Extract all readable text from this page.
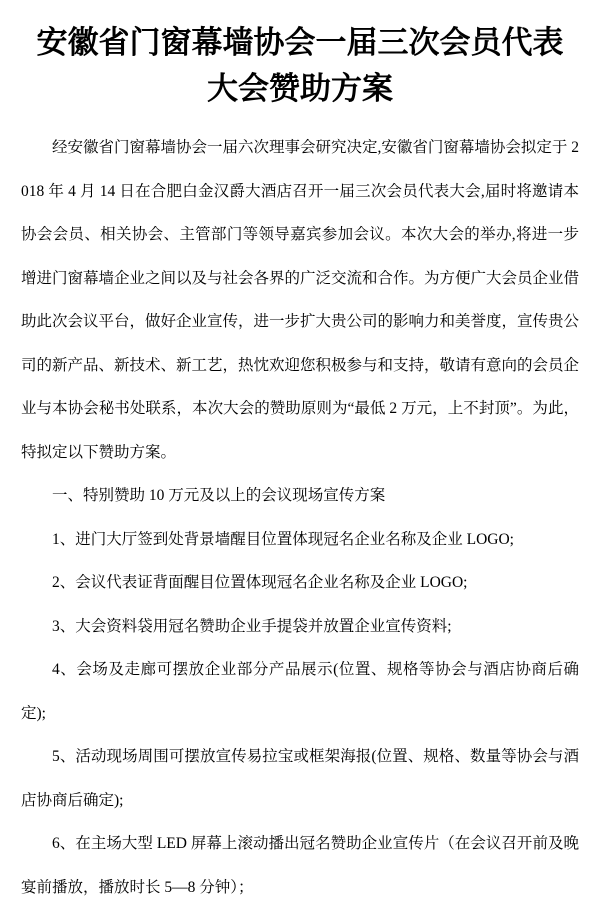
安徽省门窗幕墙协会一届三次会员代表
大会赞助方案

经安徽省门窗幕墙协会一届六次理事会研究决定,安徽省门窗幕墙协会拟定于 2018 年 4 月 14 日在合肥白金汉爵大酒店召开一届三次会员代表大会,届时将邀请本协会会员、相关协会、主管部门等领导嘉宾参加会议。本次大会的举办,将进一步增进门窗幕墙企业之间以及与社会各界的广泛交流和合作。为方便广大会员企业借助此次会议平台，做好企业宣传，进一步扩大贵公司的影响力和美誉度，宣传贵公司的新产品、新技术、新工艺，热忱欢迎您积极参与和支持，敬请有意向的会员企业与本协会秘书处联系，本次大会的赞助原则为“最低 2 万元，上不封顶”。为此，特拟定以下赞助方案。

一、特别赞助 10 万元及以上的会议现场宣传方案

1、进门大厅签到处背景墙醒目位置体现冠名企业名称及企业 LOGO;

2、会议代表证背面醒目位置体现冠名企业名称及企业 LOGO;

3、大会资料袋用冠名赞助企业手提袋并放置企业宣传资料;

4、会场及走廊可摆放企业部分产品展示(位置、规格等协会与酒店协商后确定);

5、活动现场周围可摆放宣传易拉宝或框架海报(位置、规格、数量等协会与酒店协商后确定);

6、在主场大型 LED 屏幕上滚动播出冠名赞助企业宣传片（在会议召开前及晚宴前播放，播放时长 5—8 分钟）；
